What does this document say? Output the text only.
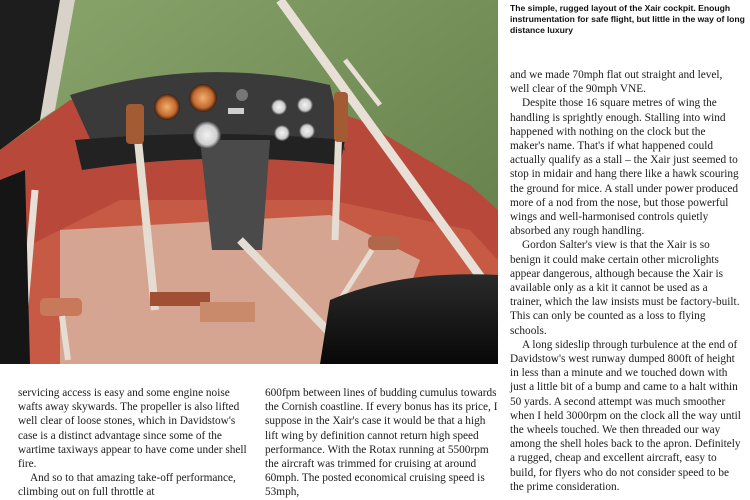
The simple, rugged layout of the Xair cockpit. Enough instrumentation for safe flight, but little in the way of long distance luxury

and we made 70mph flat out straight and level, well clear of the 90mph VNE.

Despite those 16 square metres of wing the handling is sprightly enough. Stalling into wind happened with nothing on the clock but the maker's name. That's if what happened could actually qualify as a stall – the Xair just seemed to stop in midair and hang there like a hawk scouring the ground for mice. A stall under power produced more of a nod from the nose, but those powerful wings and well-harmonised controls quietly absorbed any rough handling.

Gordon Salter's view is that the Xair is so benign it could make certain other microlights appear dangerous, although because the Xair is available only as a kit it cannot be used as a trainer, which the law insists must be factory-built. This can only be counted as a loss to flying schools.

A long sideslip through turbulence at the end of Davidstow's west runway dumped 800ft of height in less than a minute and we touched down with just a little bit of a bump and came to a halt within 50 yards. A second attempt was much smoother when I held 3000rpm on the clock all the way until the wheels touched. We then threaded our way among the shell holes back to the apron. Definitely a rugged, cheap and excellent aircraft, easy to build, for flyers who do not consider speed to be the prime consideration.

servicing access is easy and some engine noise wafts away skywards. The propeller is also lifted well clear of loose stones, which in Davidstow's case is a distinct advantage since some of the wartime taxiways appear to have come under shell fire.

And so to that amazing take-off performance, climbing out on full throttle at

600fpm between lines of budding cumulus towards the Cornish coastline. If every bonus has its price, I suppose in the Xair's case it would be that a high lift wing by definition cannot return high speed performance. With the Rotax running at 5500rpm the aircraft was trimmed for cruising at around 60mph. The posted economical cruising speed is 53mph,
